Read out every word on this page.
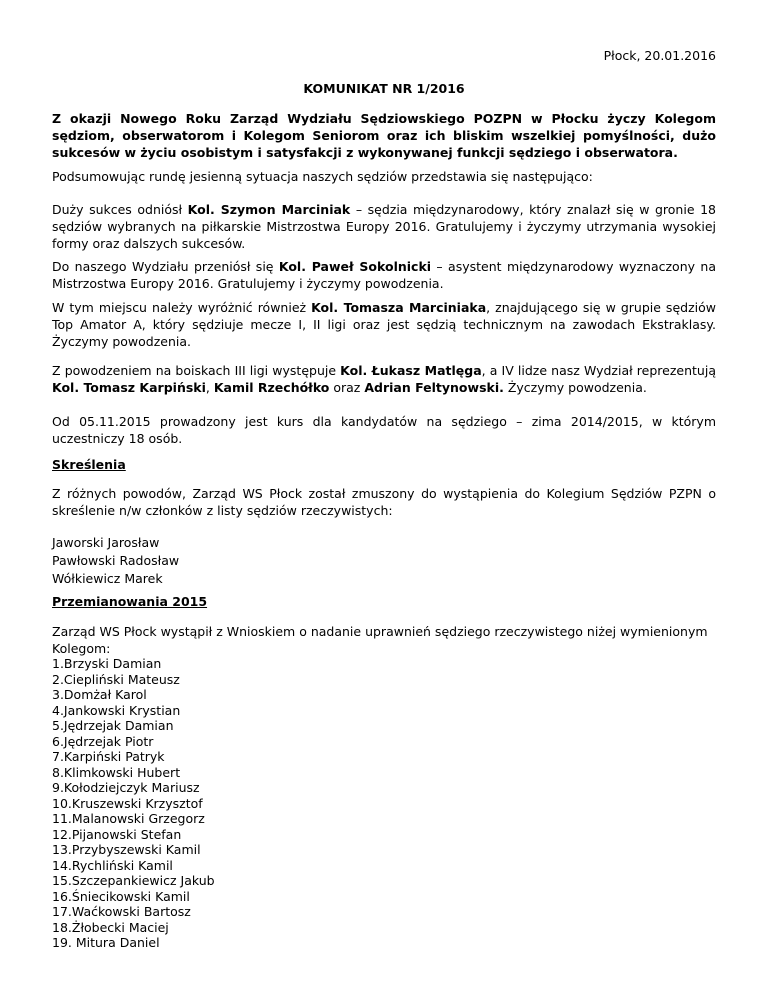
Płock, 20.01.2016
KOMUNIKAT NR 1/2016

Z okazji Nowego Roku Zarząd Wydziału Sędziowskiego POZPN w Płocku życzy Kolegom sędziom, obserwatorom i Kolegom Seniorom oraz ich bliskim wszelkiej pomyślności, dużo sukcesów w życiu osobistym i satysfakcji z wykonywanej funkcji sędziego i obserwatora.

Podsumowując rundę jesienną sytuacja naszych sędziów przedstawia się następująco:

Duży sukces odniósł Kol. Szymon Marciniak – sędzia międzynarodowy, który znalazł się w gronie 18 sędziów wybranych na piłkarskie Mistrzostwa Europy 2016. Gratulujemy i życzymy utrzymania wysokiej formy oraz dalszych sukcesów.

Do naszego Wydziału przeniósł się Kol. Paweł Sokolnicki – asystent międzynarodowy wyznaczony na Mistrzostwa Europy 2016. Gratulujemy i życzymy powodzenia.

W tym miejscu należy wyróżnić również Kol. Tomasza Marciniaka, znajdującego się w grupie sędziów Top Amator A, który sędziuje mecze I, II ligi oraz jest sędzią technicznym na zawodach Ekstraklasy. Życzymy powodzenia.

Z powodzeniem na boiskach III ligi występuje Kol. Łukasz Matlęga, a IV lidze nasz Wydział reprezentują Kol. Tomasz Karpiński, Kamil Rzechółko oraz Adrian Feltynowski. Życzymy powodzenia.

Od 05.11.2015 prowadzony jest kurs dla kandydatów na sędziego – zima 2014/2015, w którym uczestniczy 18 osób.

Skreślenia

Z różnych powodów, Zarząd WS Płock został zmuszony do wystąpienia do Kolegium Sędziów PZPN o skreślenie n/w członków z listy sędziów rzeczywistych:

Jaworski Jarosław
Pawłowski Radosław
Wółkiewicz Marek

Przemianowania 2015

Zarząd WS Płock wystąpił z Wnioskiem o nadanie uprawnień sędziego rzeczywistego niżej wymienionym Kolegom:

1.Brzyski Damian
2.Ciepliński Mateusz
3.Domżał Karol
4.Jankowski Krystian
5.Jędrzejak Damian
6.Jędrzejak Piotr
7.Karpiński Patryk
8.Klimkowski Hubert
9.Kołodziejczyk Mariusz
10.Kruszewski Krzysztof
11.Malanowski Grzegorz
12.Pijanowski Stefan
13.Przybyszewski Kamil
14.Rychliński Kamil
15.Szczepankiewicz Jakub
16.Śniecikowski Kamil
17.Waćkowski Bartosz
18.Żłobecki Maciej
19. Mitura Daniel
